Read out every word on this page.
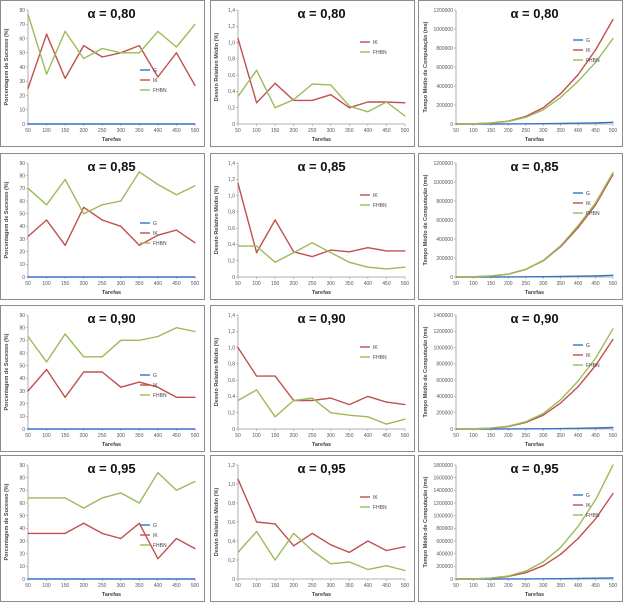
α = 0,80
0
10
20
30
40
50
60
70
80
50 100 150 200 250 300 350 400 450 500
Tarefas
Porcentagem de Sucesso (%)	G
IK
FHBN
α = 0,80
0
0,2
0,4
0,6
0,8
1,0
1,2
1,4
50 100 150 200 250 300 350 400 450 500
Tarefas
Desvio Relativo Médio (%)	IK
FHBN
α = 0,80
0
200000
400000
600000
800000
1000000
1200000
50 100 150 200 250 300 350 400 450 500
Tarefas
Tempo Médio de Computação (ms)	G
IK
FHBN
α = 0,85
0
10
20
30
40
50
60
70
80
90
50 100 150 200 250 300 350 400 450 500
Tarefas
Porcentagem de Sucesso (%)	G
IK
FHBN
α = 0,85
0
0,2
0,4
0,6
0,8
1,0
1,2
1,4
50 100 150 200 250 300 350 400 450 500
Tarefas
Desvio Relativo Médio (%)	IK
FHBN
α = 0,85
0
200000
400000
600000
800000
1000000
1200000
50 100 150 200 250 300 350 400 450 500
Tarefas
Tempo Médio de Computação (ms)	G
IK
FHBN
α = 0,90
0
10
20
30
40
50
60
70
80
90
50 100 150 200 250 300 350 400 450 500
Tarefas
Porcentagem de Sucesso (%)	G
IK
FHBN
α = 0,90
0
0,2
0,4
0,6
0,8
1,0
1,2
1,4
50 100 150 200 250 300 350 400 450 500
Tarefas
Desvio Relativo Médio (%)	IK
FHBN
α = 0,90
0
200000
400000
600000
800000
1000000
1200000
1400000
50 100 150 200 250 300 350 400 450 500
Tarefas
Tempo Médio de Computação (ms)	G
IK
FHBN
α = 0,95
0
10
20
30
40
50
60
70
80
90
50 100 150 200 250 300 350 400 450 500
Tarefas
Porcentagem de Sucesso (%)	G
IK
FHBN
α = 0,95
0
0,2
0,4
0,6
0,8
1,0
1,2
50 100 150 200 250 300 350 400 450 500
Tarefas
Desvio Relativo Médio (%)	IK
FHBN
α = 0,95
0
200000
400000
600000
800000
1000000
1200000
1400000
1600000
1800000
50 100 150 200 250 300 350 400 450 500
Tarefas
Tempo Médio de Computação (ms)	G
IK
FHBN
